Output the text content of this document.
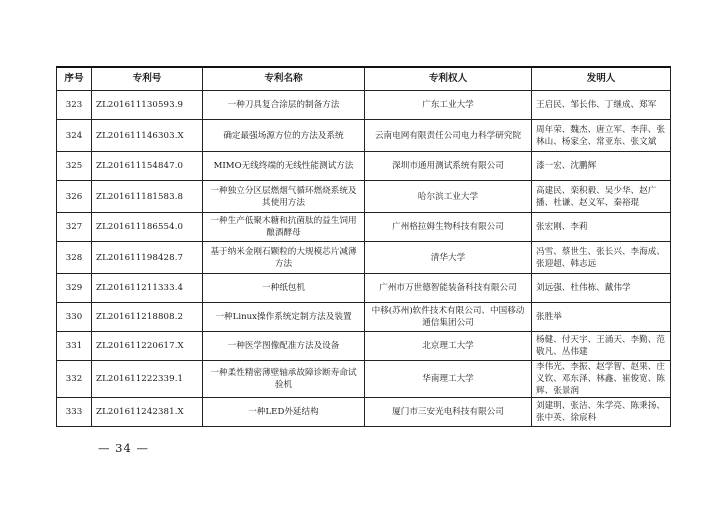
序号	专利号	专利名称	专利权人	发明人
323	ZL201611130593.9	一种刀具复合涂层的制备方法	广东工业大学	王启民、邹长伟、丁继成、郑军
324	ZL201611146303.X	确定最强场源方位的方法及系统	云南电网有限责任公司电力科学研究院	周年荣、魏杰、唐立军、李萍、张林山、杨家全、常亚东、张文斌
325	ZL201611154847.0	MIMO无线终端的无线性能测试方法	深圳市通用测试系统有限公司	漆一宏、沈鹏辉
326	ZL201611181583.8	一种独立分区层燃烟气循环燃烧系统及其使用方法	哈尔滨工业大学	高建民、栾积毅、吴少华、赵广播、杜谦、赵义军、秦裕琨
327	ZL201611186554.0	一种生产低聚木糖和抗菌肽的益生饲用酿酒酵母	广州格拉姆生物科技有限公司	张宏刚、李莉
328	ZL201611198428.7	基于纳米金刚石颗粒的大规模芯片减薄方法	清华大学	冯雪、蔡世生、张长兴、李海成、张迎超、韩志远
329	ZL201611211333.4	一种纸包机	广州市万世德智能装备科技有限公司	刘远强、杜伟栋、戴伟学
330	ZL201611218808.2	一种Linux操作系统定制方法及装置	中移(苏州)软件技术有限公司、中国移动通信集团公司	张胜举
331	ZL201611220617.X	一种医学图像配准方法及设备	北京理工大学	杨健、付天宇、王涌天、李勤、范敬凡、丛伟建
332	ZL201611222339.1	一种柔性精密薄壁轴承故障诊断寿命试验机	华南理工大学	李伟光、李振、赵学智、赵果、庄义钦、邓东泽、林鑫、崔俊宽、陈辉、张景润
333	ZL201611242381.X	一种LED外延结构	厦门市三安光电科技有限公司	刘建明、张洁、朱学亮、陈秉扬、张中英、徐宸科
— 34 —
